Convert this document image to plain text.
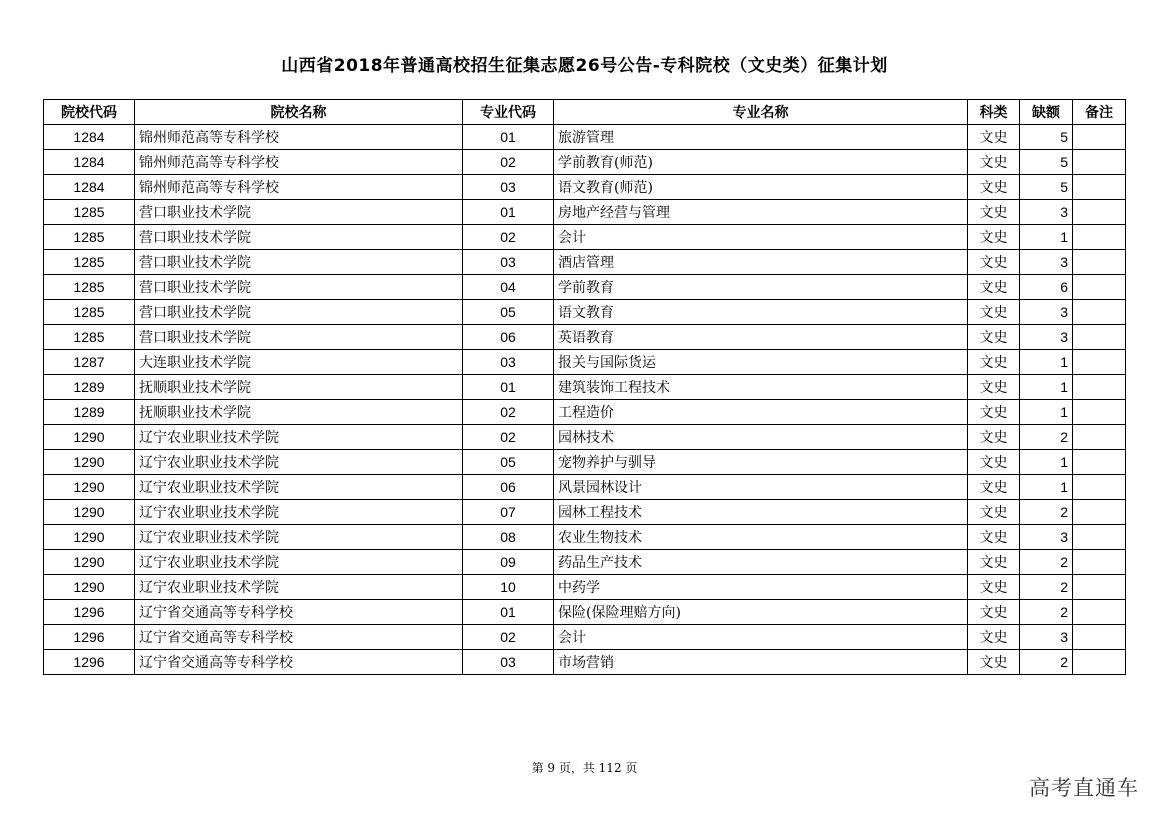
山西省2018年普通高校招生征集志愿26号公告-专科院校（文史类）征集计划
院校代码	院校名称	专业代码	专业名称	科类	缺额	备注
1284	锦州师范高等专科学校	01	旅游管理	文史	5	
1284	锦州师范高等专科学校	02	学前教育(师范)	文史	5	
1284	锦州师范高等专科学校	03	语文教育(师范)	文史	5	
1285	营口职业技术学院	01	房地产经营与管理	文史	3	
1285	营口职业技术学院	02	会计	文史	1	
1285	营口职业技术学院	03	酒店管理	文史	3	
1285	营口职业技术学院	04	学前教育	文史	6	
1285	营口职业技术学院	05	语文教育	文史	3	
1285	营口职业技术学院	06	英语教育	文史	3	
1287	大连职业技术学院	03	报关与国际货运	文史	1	
1289	抚顺职业技术学院	01	建筑装饰工程技术	文史	1	
1289	抚顺职业技术学院	02	工程造价	文史	1	
1290	辽宁农业职业技术学院	02	园林技术	文史	2	
1290	辽宁农业职业技术学院	05	宠物养护与驯导	文史	1	
1290	辽宁农业职业技术学院	06	风景园林设计	文史	1	
1290	辽宁农业职业技术学院	07	园林工程技术	文史	2	
1290	辽宁农业职业技术学院	08	农业生物技术	文史	3	
1290	辽宁农业职业技术学院	09	药品生产技术	文史	2	
1290	辽宁农业职业技术学院	10	中药学	文史	2	
1296	辽宁省交通高等专科学校	01	保险(保险理赔方向)	文史	2	
1296	辽宁省交通高等专科学校	02	会计	文史	3	
1296	辽宁省交通高等专科学校	03	市场营销	文史	2	
第 9 页，共 112 页
高考直通车
